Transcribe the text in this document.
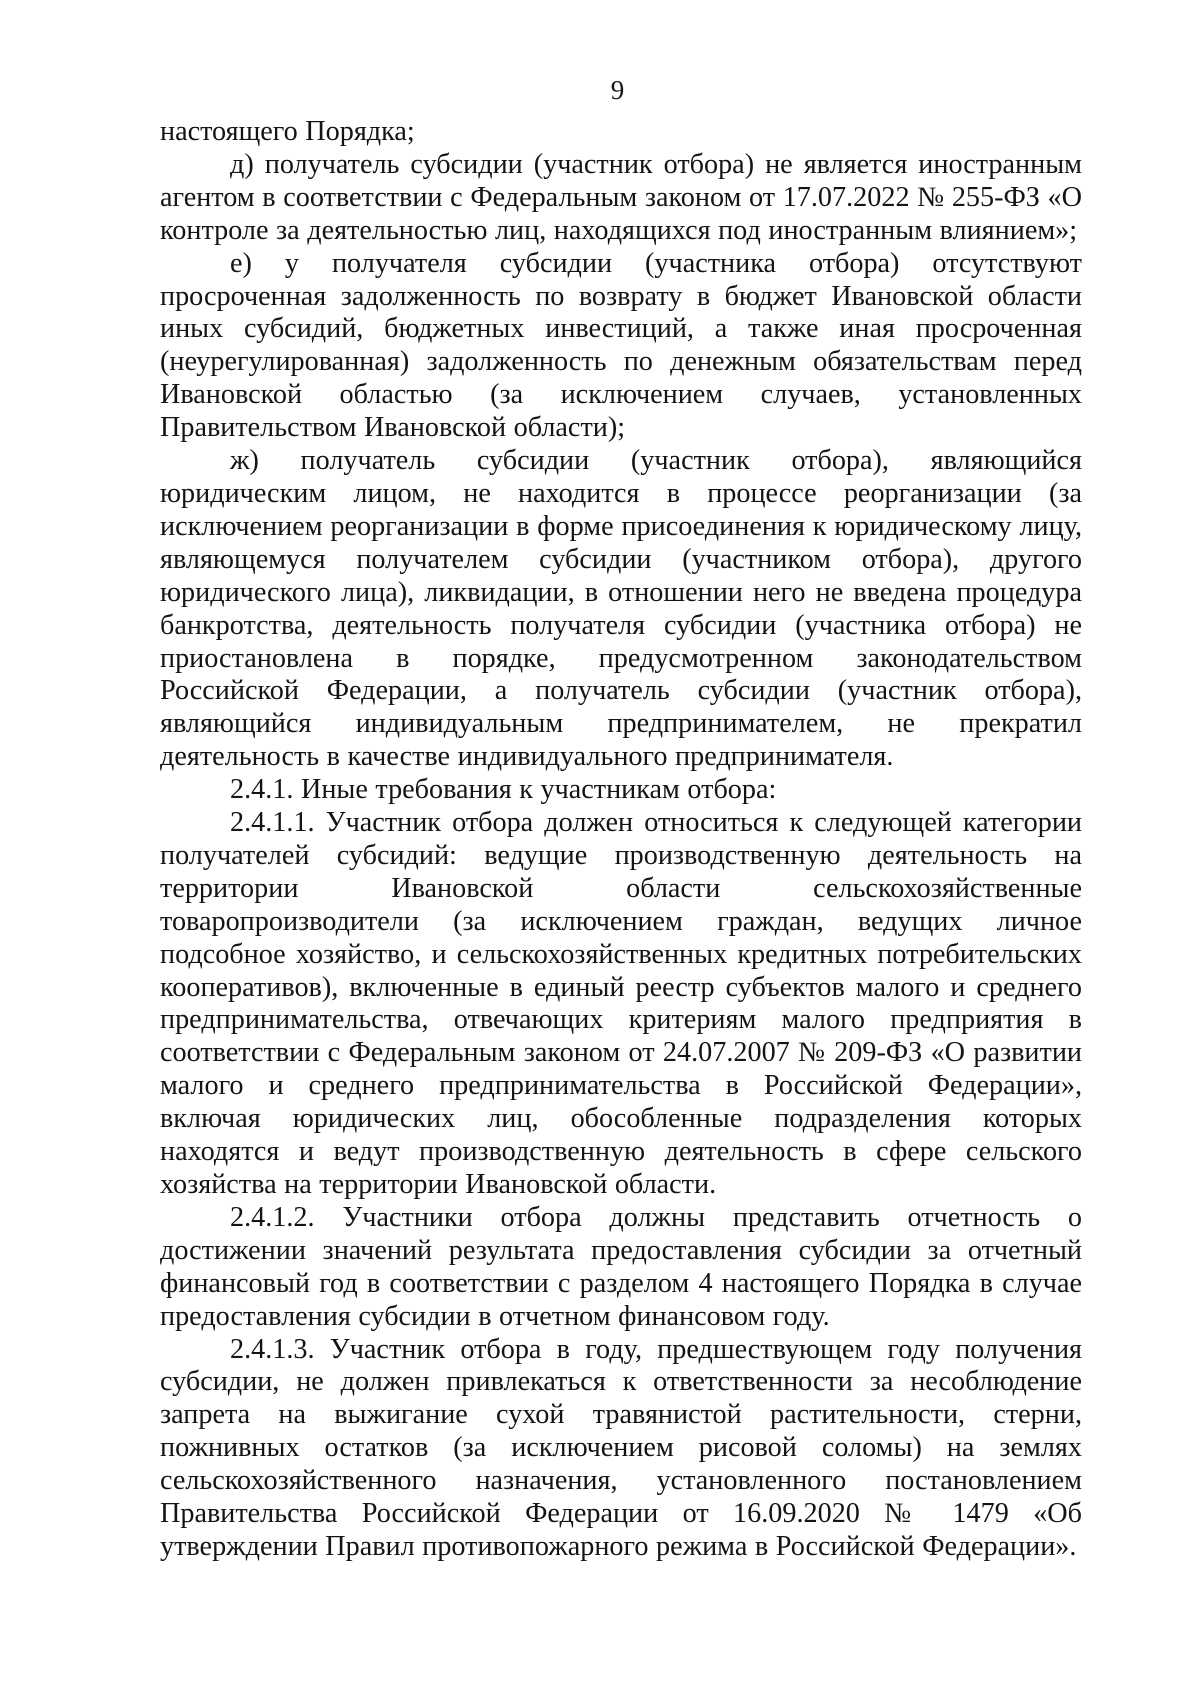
9

настоящего Порядка;

д) получатель субсидии (участник отбора) не является иностранным агентом в соответствии с Федеральным законом от 17.07.2022 № 255-ФЗ «О контроле за деятельностью лиц, находящихся под иностранным влиянием»;

е) у получателя субсидии (участника отбора) отсутствуют просроченная задолженность по возврату в бюджет Ивановской области иных субсидий, бюджетных инвестиций, а также иная просроченная (неурегулированная) задолженность по денежным обязательствам перед Ивановской областью (за исключением случаев, установленных Правительством Ивановской области);

ж) получатель субсидии (участник отбора), являющийся юридическим лицом, не находится в процессе реорганизации (за исключением реорганизации в форме присоединения к юридическому лицу, являющемуся получателем субсидии (участником отбора), другого юридического лица), ликвидации, в отношении него не введена процедура банкротства, деятельность получателя субсидии (участника отбора) не приостановлена в порядке, предусмотренном законодательством Российской Федерации, а получатель субсидии (участник отбора), являющийся индивидуальным предпринимателем, не прекратил деятельность в качестве индивидуального предпринимателя.

2.4.1. Иные требования к участникам отбора:

2.4.1.1. Участник отбора должен относиться к следующей категории получателей субсидий: ведущие производственную деятельность на территории Ивановской области сельскохозяйственные товаропроизводители (за исключением граждан, ведущих личное подсобное хозяйство, и сельскохозяйственных кредитных потребительских кооперативов), включенные в единый реестр субъектов малого и среднего предпринимательства, отвечающих критериям малого предприятия в соответствии с Федеральным законом от 24.07.2007 № 209-ФЗ «О развитии малого и среднего предпринимательства в Российской Федерации», включая юридических лиц, обособленные подразделения которых находятся и ведут производственную деятельность в сфере сельского хозяйства на территории Ивановской области.

2.4.1.2. Участники отбора должны представить отчетность о достижении значений результата предоставления субсидии за отчетный финансовый год в соответствии с разделом 4 настоящего Порядка в случае предоставления субсидии в отчетном финансовом году.

2.4.1.3. Участник отбора в году, предшествующем году получения субсидии, не должен привлекаться к ответственности за несоблюдение запрета на выжигание сухой травянистой растительности, стерни, пожнивных остатков (за исключением рисовой соломы) на землях сельскохозяйственного назначения, установленного постановлением Правительства Российской Федерации от 16.09.2020 № 1479 «Об утверждении Правил противопожарного режима в Российской Федерации».
